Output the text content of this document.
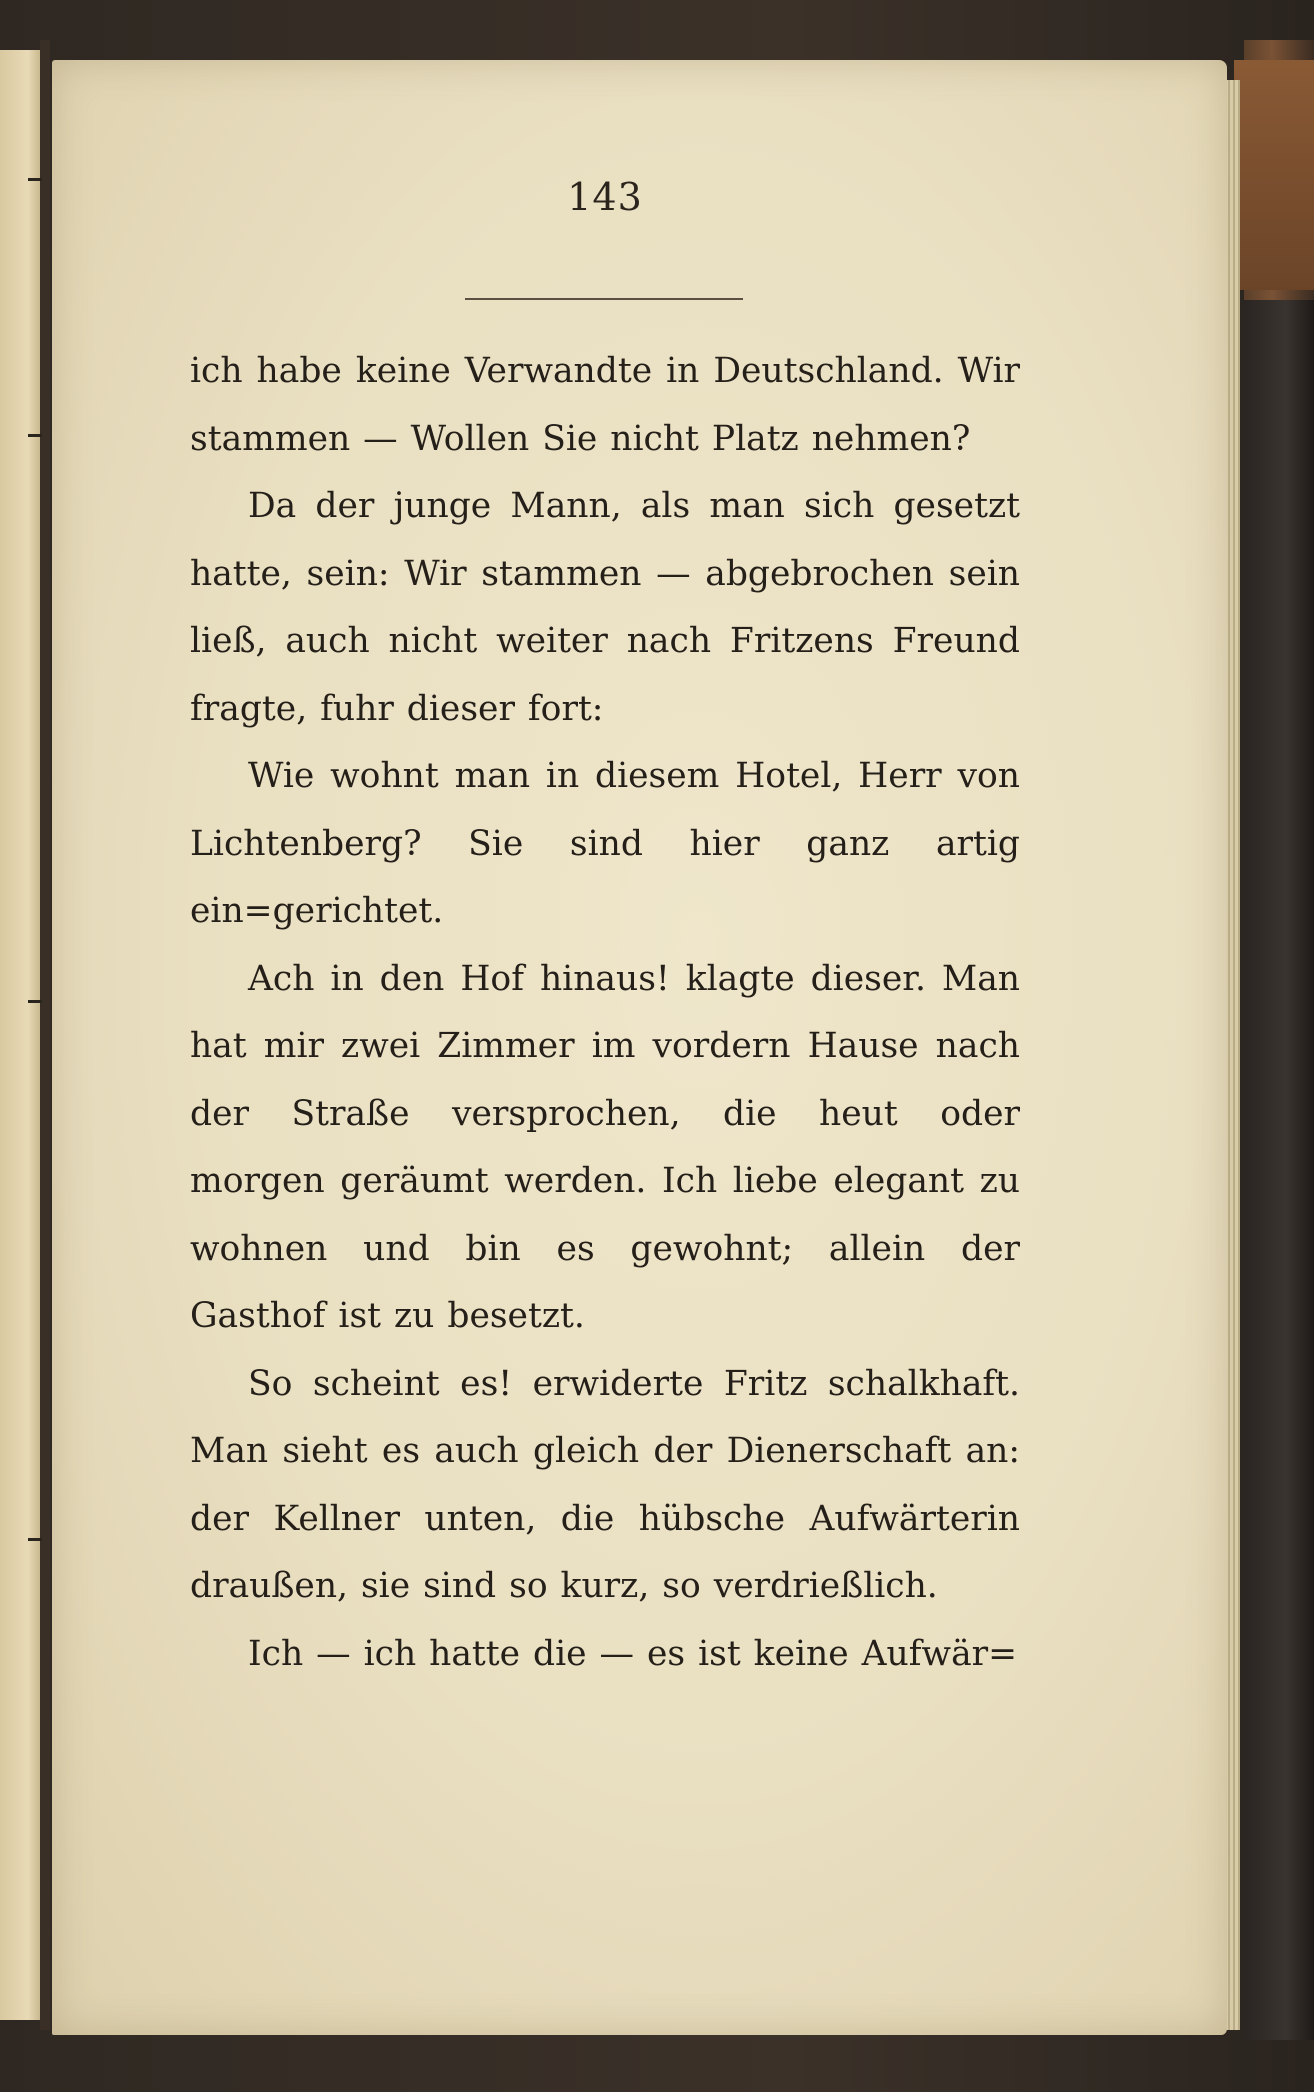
143

ich habe keine Verwandte in Deutschland. Wir stammen — Wollen Sie nicht Platz nehmen?

Da der junge Mann, als man sich gesetzt hatte, sein: Wir stammen — abgebrochen sein ließ, auch nicht weiter nach Fritzens Freund fragte, fuhr dieser fort:

Wie wohnt man in diesem Hotel, Herr von Lichtenberg? Sie sind hier ganz artig ein=gerichtet.

Ach in den Hof hinaus! klagte dieser. Man hat mir zwei Zimmer im vordern Hause nach der Straße versprochen, die heut oder morgen geräumt werden. Ich liebe elegant zu wohnen und bin es gewohnt; allein der Gasthof ist zu besetzt.

So scheint es! erwiderte Fritz schalkhaft. Man sieht es auch gleich der Dienerschaft an: der Kellner unten, die hübsche Aufwärterin draußen, sie sind so kurz, so verdrießlich.

Ich — ich hatte die — es ist keine Aufwär=
